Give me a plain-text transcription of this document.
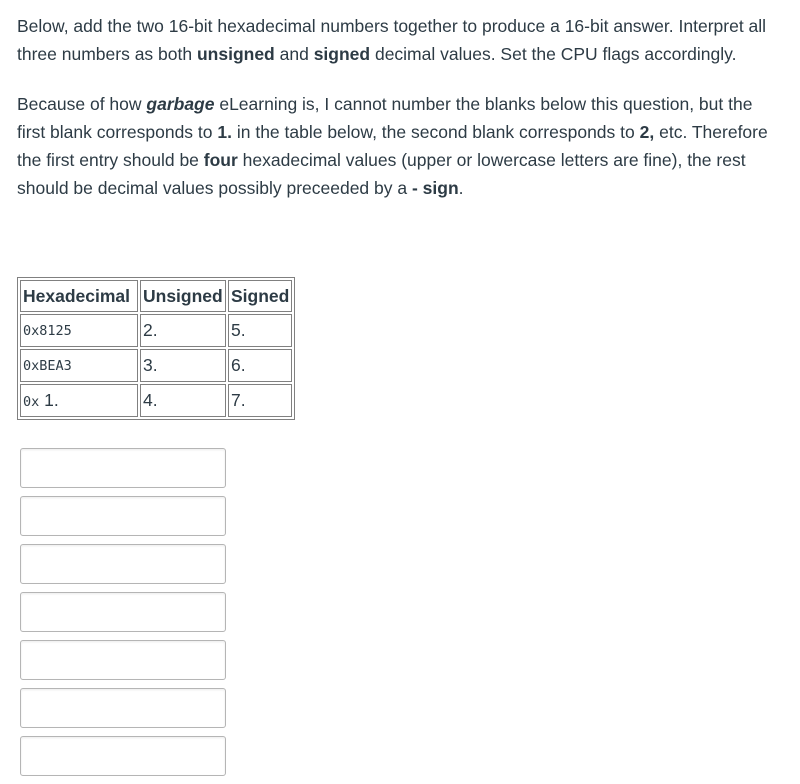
Below, add the two 16-bit hexadecimal numbers together to produce a 16-bit answer. Interpret all three numbers as both unsigned and signed decimal values. Set the CPU flags accordingly.

Because of how garbage eLearning is, I cannot number the blanks below this question, but the first blank corresponds to 1. in the table below, the second blank corresponds to 2, etc. Therefore the first entry should be four hexadecimal values (upper or lowercase letters are fine), the rest should be decimal values possibly preceeded by a - sign.

Hexadecimal	Unsigned	Signed
0x8125	2.	5.
0xBEA3	3.	6.
0x 1.	4.	7.
